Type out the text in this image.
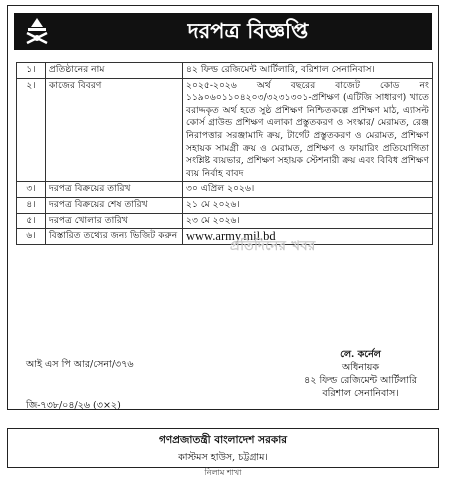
দরপত্র বিজ্ঞপ্তি
১।	প্রতিষ্ঠানের নাম	৪২ ফিল্ড রেজিমেন্ট আর্টিলারি, বরিশাল সেনানিবাস।
২।	কাজের বিবরণ	২০২৫-২০২৬ অর্থ বছরের বাজেট কোড নং ১১৯০৬০১১০৪২০৩/৩২৩১৩০১-প্রশিক্ষণ (এটিজি সাধারণ) খাতে বরাদ্দকৃত অর্থ হতে সুষ্ঠ প্রশিক্ষণ নিশ্চিতকল্পে প্রশিক্ষণ মাঠ, এ্যাসল্ট কোর্স গ্রাউন্ড প্রশিক্ষণ এলাকা প্রস্তুতকরণ ও সংস্কার/ মেরামত, রেঞ্জ নিরাপত্তার সরঞ্জামাদি ক্রয়, টার্গেট প্রস্তুতকরণ ও মেরামত, প্রশিক্ষণ সহায়ক সামগ্রী ক্রয় ও মেরামত, প্রশিক্ষণ ও ফায়ারিং প্রতিযোগিতা সংশ্লিষ্ট ব্যয়ভার, প্রশিক্ষণ সহায়ক স্টেশনারী ক্রয় এবং বিবিধ প্রশিক্ষণ ব্যয় নির্বাহ বাবদ
৩।	দরপত্র বিক্রয়ের তারিখ	৩০ এপ্রিল ২০২৬।
৪।	দরপত্র বিক্রয়ের শেষ তারিখ	২১ মে ২০২৬।
৫।	দরপত্র খোলার তারিখ	২৩ মে ২০২৬।
৬।	বিস্তারিত তথ্যের জন্য ভিজিট করুন	www.army.mil.bd
প্রতিদিনের খবর
আই এস পি আর/সেনা/৩৭৬
জি-৭৩৮/০৪/২৬ (৩×২)
লে. কর্নেল
অধিনায়ক
৪২ ফিল্ড রেজিমেন্ট আর্টিলারি
বরিশাল সেনানিবাস।
গণপ্রজাতন্ত্রী বাংলাদেশ সরকার
কাস্টমস হাউস, চট্টগ্রাম।
নিলাম শাখা
